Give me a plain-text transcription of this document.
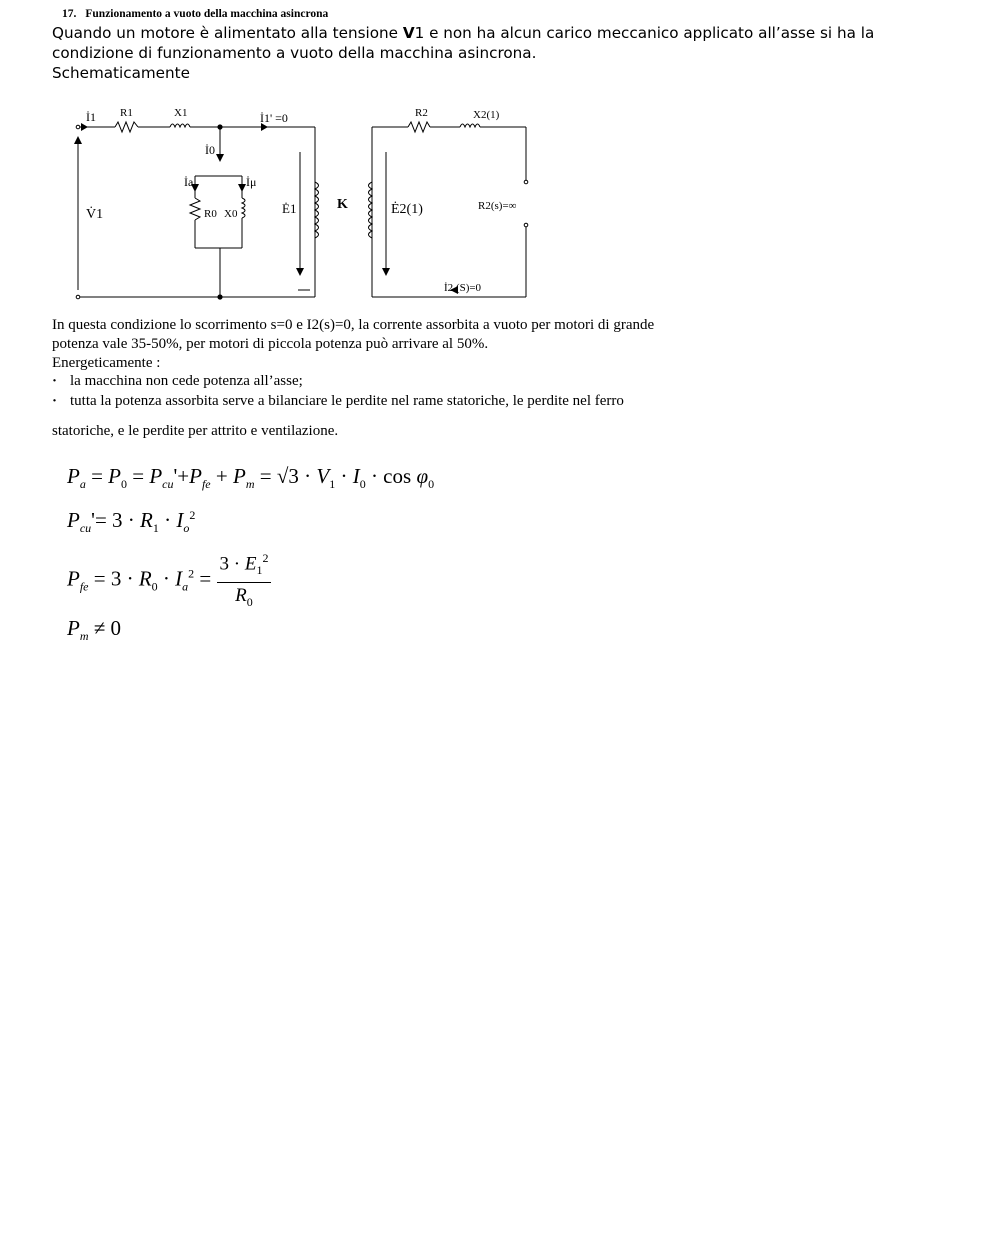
17. Funzionamento a vuoto della macchina asincrona
Quando un motore è alimentato alla tensione V1 e non ha alcun carico meccanico applicato all’asse si ha la condizione di funzionamento a vuoto della macchina asincrona.
Schematicamente
İ1 R1	X1	İ1' =0
İ0
İa	İμ
R0 X0
V̇1	Ė1	K	Ė2(1)
R2	X2(1)
R2(s)=∞
İ2 (S)=0
In questa condizione lo scorrimento s=0 e I2(s)=0, la corrente assorbita a vuoto per motori di grande
potenza vale 35-50%, per motori di piccola potenza può arrivare al 50%.
Energeticamente :
· la macchina non cede potenza all’asse;
· tutta la potenza assorbita serve a bilanciare le perdite nel rame statoriche, le perdite nel ferro
statoriche, e le perdite per attrito e ventilazione.
$P_a = P_0 = P_{cu}'+P_{fe} + P_m = √3 \cdot V_1 \cdot I_0 \cdot \cos \varphi_0$
$P_{cu}'= 3 \cdot R_1 \cdot I_o^2$
$P_{fe} = 3 \cdot R_0 \cdot I_a^2 = \frac{3 \cdot E_1^2}{R_0}$
$P_m \ne 0$
